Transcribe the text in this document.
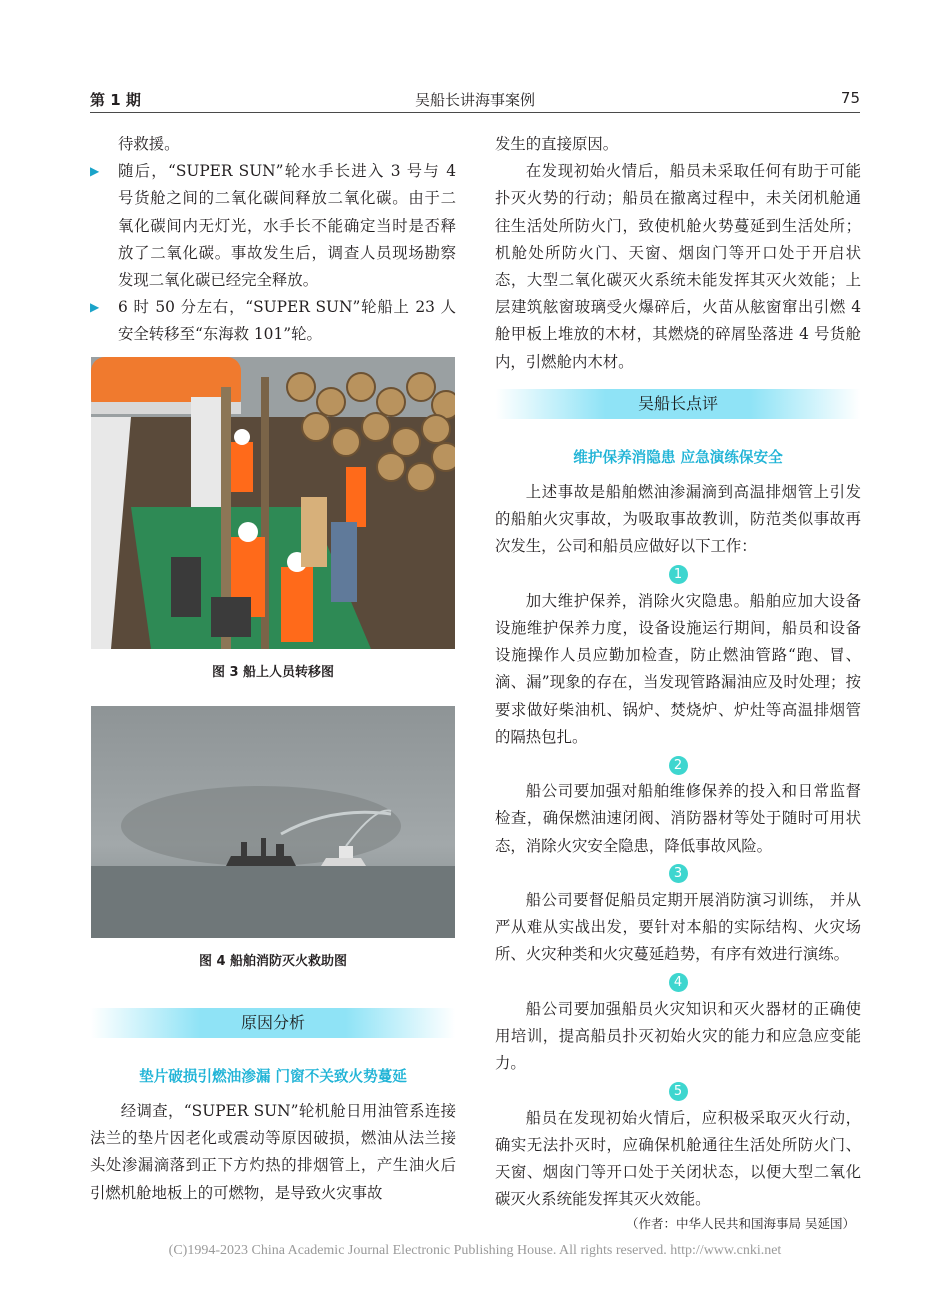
第 1 期	吴船长讲海事案例	75

待救援。

▶ 随后，“SUPER SUN”轮水手长进入 3 号与 4 号货舱之间的二氧化碳间释放二氧化碳。由于二氧化碳间内无灯光，水手长不能确定当时是否释放了二氧化碳。事故发生后，调查人员现场勘察发现二氧化碳已经完全释放。

▶ 6 时 50 分左右，“SUPER SUN”轮船上 23 人安全转移至“东海救 101”轮。

图 3 船上人员转移图
图 4 船舶消防灭火救助图
原因分析
垫片破损引燃油渗漏 门窗不关致火势蔓延

经调查，“SUPER SUN”轮机舱日用油管系连接法兰的垫片因老化或震动等原因破损，燃油从法兰接头处渗漏滴落到正下方灼热的排烟管上，产生油火后引燃机舱地板上的可燃物，是导致火灾事故

发生的直接原因。

在发现初始火情后，船员未采取任何有助于可能扑灭火势的行动；船员在撤离过程中，未关闭机舱通往生活处所防火门，致使机舱火势蔓延到生活处所；机舱处所防火门、天窗、烟囱门等开口处于开启状态，大型二氧化碳灭火系统未能发挥其灭火效能；上层建筑舷窗玻璃受火爆碎后，火苗从舷窗窜出引燃 4 舱甲板上堆放的木材，其燃烧的碎屑坠落进 4 号货舱内，引燃舱内木材。

吴船长点评
维护保养消隐患 应急演练保安全

上述事故是船舶燃油渗漏滴到高温排烟管上引发的船舶火灾事故，为吸取事故教训，防范类似事故再次发生，公司和船员应做好以下工作：

1

加大维护保养，消除火灾隐患。船舶应加大设备设施维护保养力度，设备设施运行期间，船员和设备设施操作人员应勤加检查，防止燃油管路“跑、冒、滴、漏”现象的存在，当发现管路漏油应及时处理；按要求做好柴油机、锅炉、焚烧炉、炉灶等高温排烟管的隔热包扎。

2

船公司要加强对船舶维修保养的投入和日常监督检查，确保燃油速闭阀、消防器材等处于随时可用状态，消除火灾安全隐患，降低事故风险。

3

船公司要督促船员定期开展消防演习训练， 并从严从难从实战出发，要针对本船的实际结构、火灾场所、火灾种类和火灾蔓延趋势，有序有效进行演练。

4

船公司要加强船员火灾知识和灭火器材的正确使用培训，提高船员扑灭初始火灾的能力和应急应变能力。

5

船员在发现初始火情后，应积极采取灭火行动，确实无法扑灭时，应确保机舱通往生活处所防火门、天窗、烟囱门等开口处于关闭状态，以便大型二氧化碳灭火系统能发挥其灭火效能。

（作者：中华人民共和国海事局 吴延国）
(C)1994-2023 China Academic Journal Electronic Publishing House. All rights reserved. http://www.cnki.net
